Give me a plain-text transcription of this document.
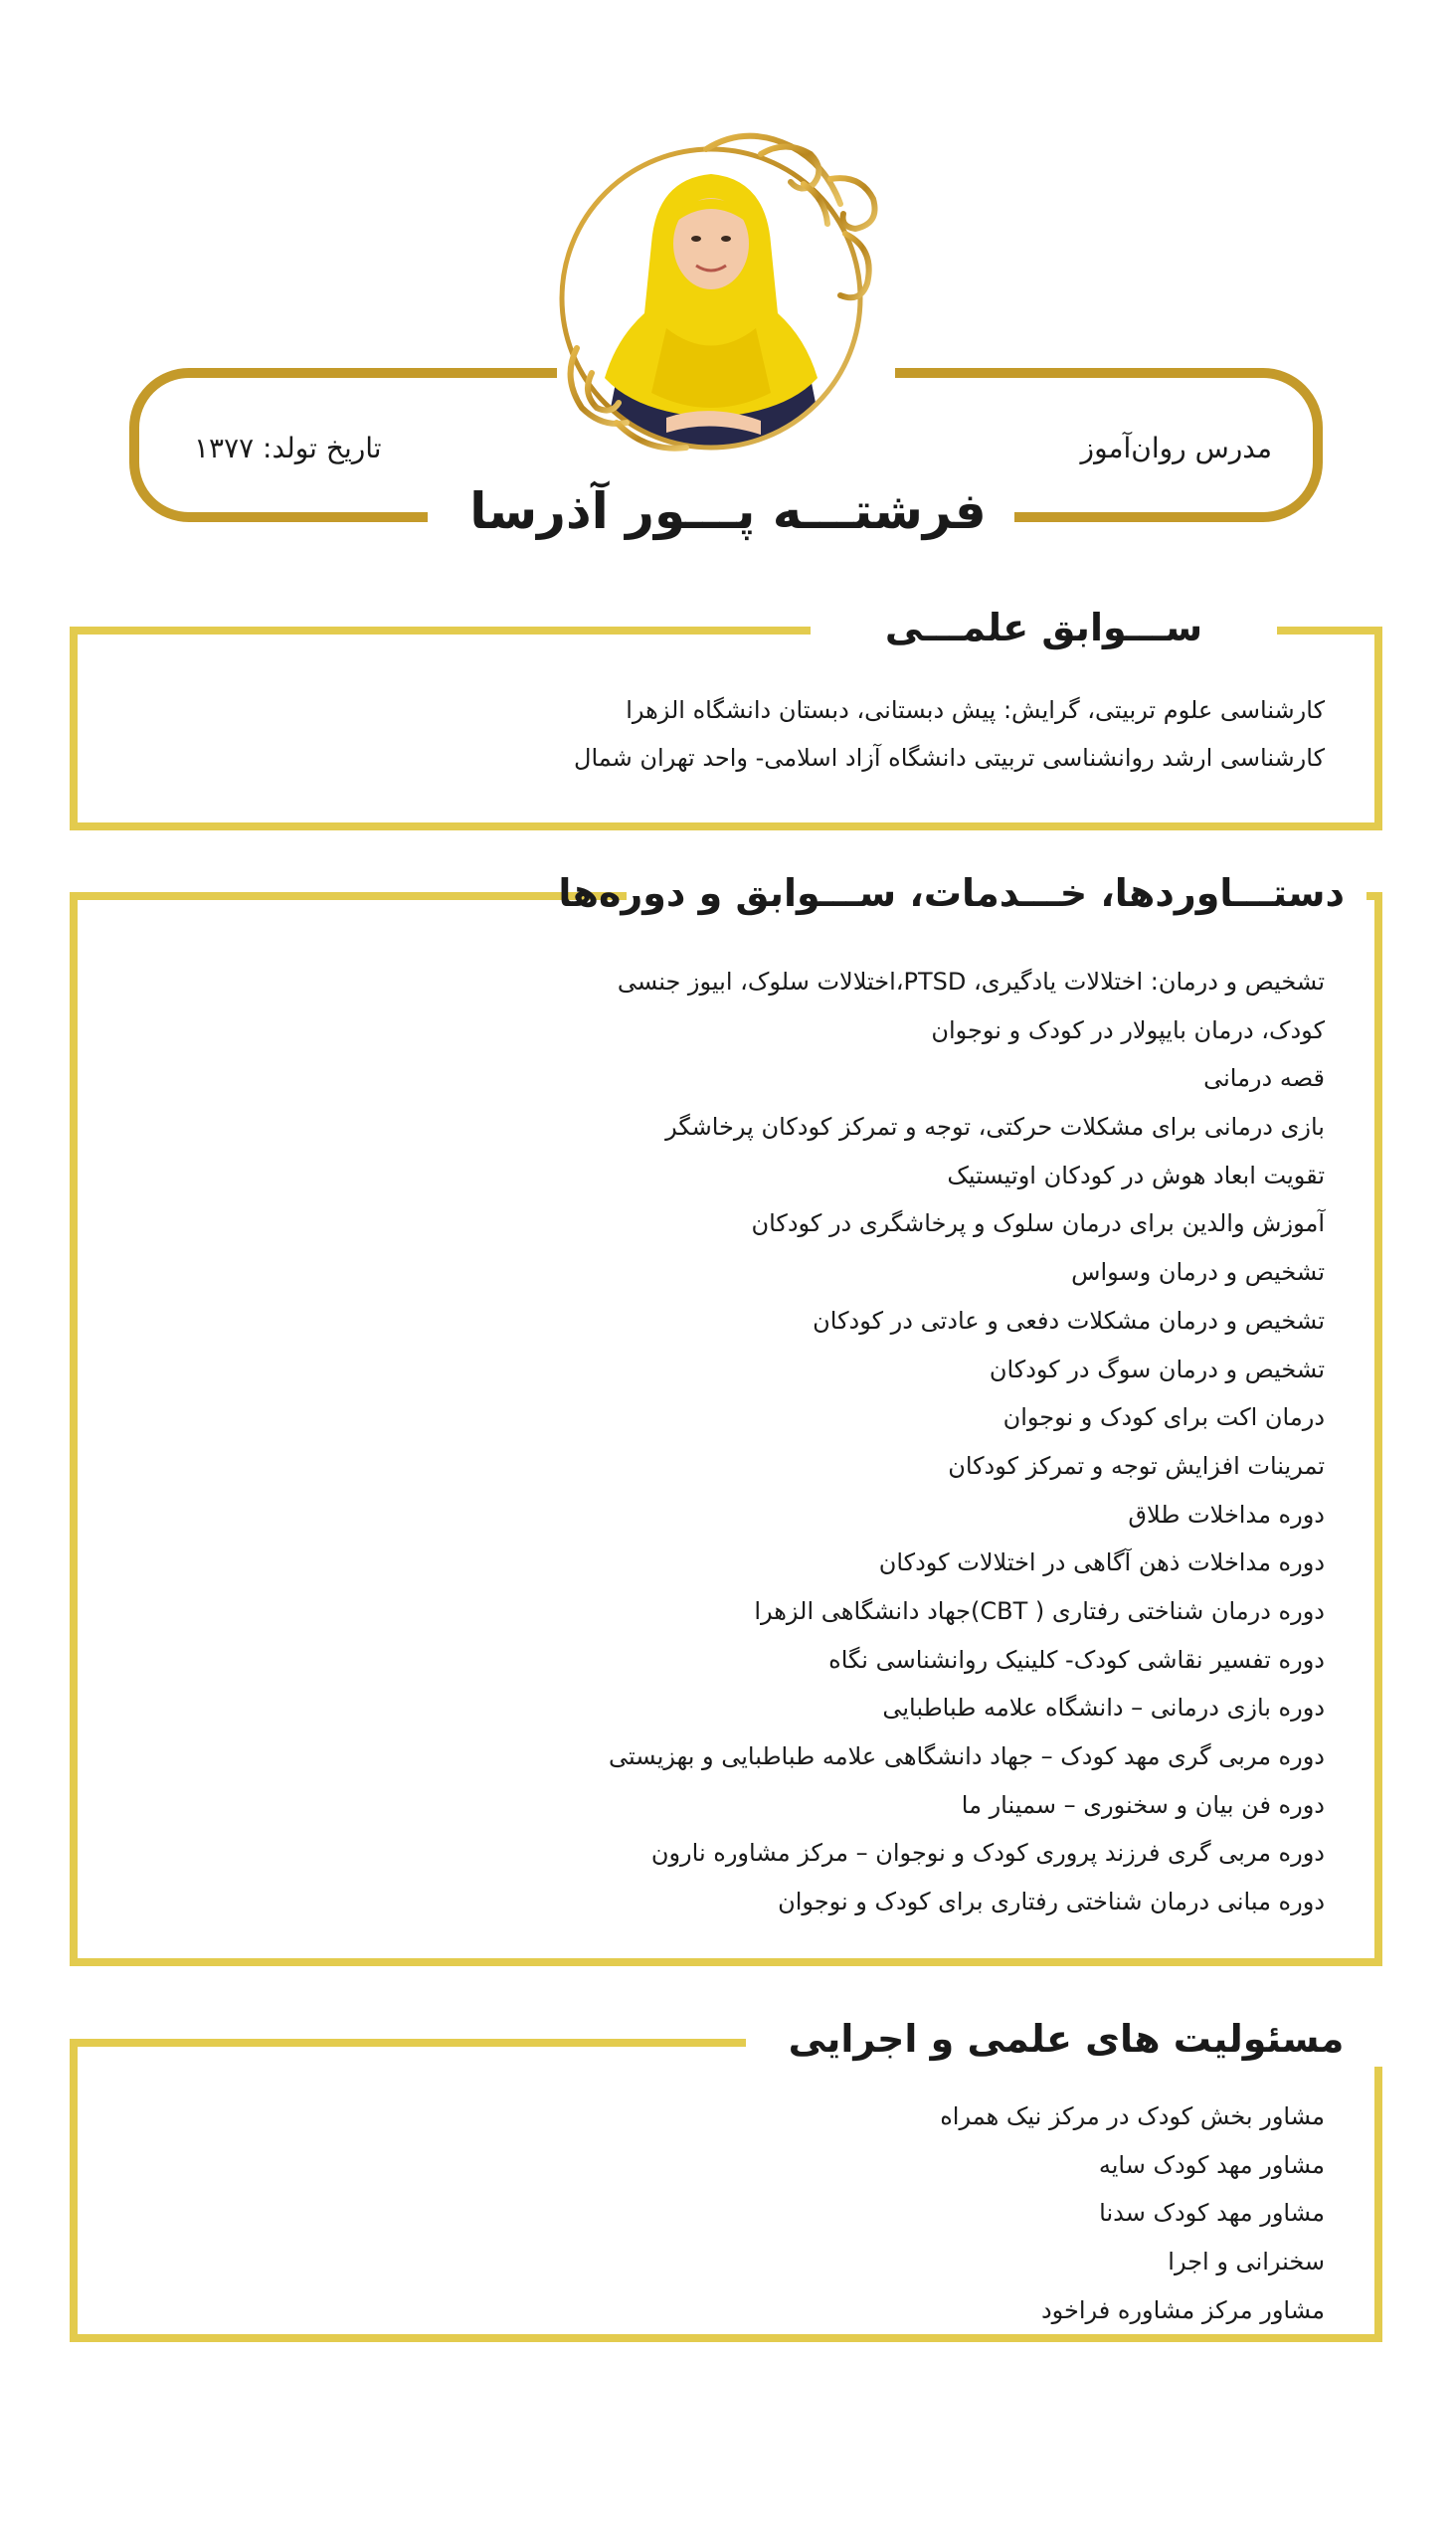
مدرس روان‌آموز
تاریخ تولد: ۱۳۷۷
فرشتـــه پـــور آذرسا
ســـوابق علمـــی
کارشناسی علوم تربیتی، گرایش: پیش دبستانی، دبستان دانشگاه الزهرا
کارشناسی ارشد روانشناسی تربیتی دانشگاه آزاد اسلامی- واحد تهران شمال
دستـــاوردها، خـــدمات، ســـوابق و دوره‌ها
تشخیص و درمان: اختلالات یادگیری، PTSD،اختلالات سلوک، ابیوز جنسی
کودک، درمان بایپولار در کودک و نوجوان
قصه درمانی
بازی درمانی برای مشکلات حرکتی، توجه و تمرکز کودکان پرخاشگر
تقویت ابعاد هوش در کودکان اوتیستیک
آموزش والدین برای درمان سلوک و پرخاشگری در کودکان
تشخیص و درمان وسواس
تشخیص و درمان مشکلات دفعی و عادتی در کودکان
تشخیص و درمان سوگ در کودکان
درمان اکت برای کودک و نوجوان
تمرینات افزایش توجه و تمرکز کودکان
دوره مداخلات طلاق
دوره مداخلات ذهن آگاهی در اختلالات کودکان
دوره درمان شناختی رفتاری ( CBT)جهاد دانشگاهی الزهرا
دوره تفسیر نقاشی کودک- کلینیک روانشناسی نگاه
دوره بازی درمانی – دانشگاه علامه طباطبایی
دوره مربی گری مهد کودک – جهاد دانشگاهی علامه طباطبایی و بهزیستی
دوره فن بیان و سخنوری – سمینار ما
دوره مربی گری فرزند پروری کودک و نوجوان – مرکز مشاوره نارون
دوره مبانی درمان شناختی رفتاری برای کودک و نوجوان
مسئولیت های علمی و اجرایی
مشاور بخش کودک در مرکز نیک همراه
مشاور مهد کودک سایه
مشاور مهد کودک سدنا
سخنرانی و اجرا
مشاور مرکز مشاوره فراخود
